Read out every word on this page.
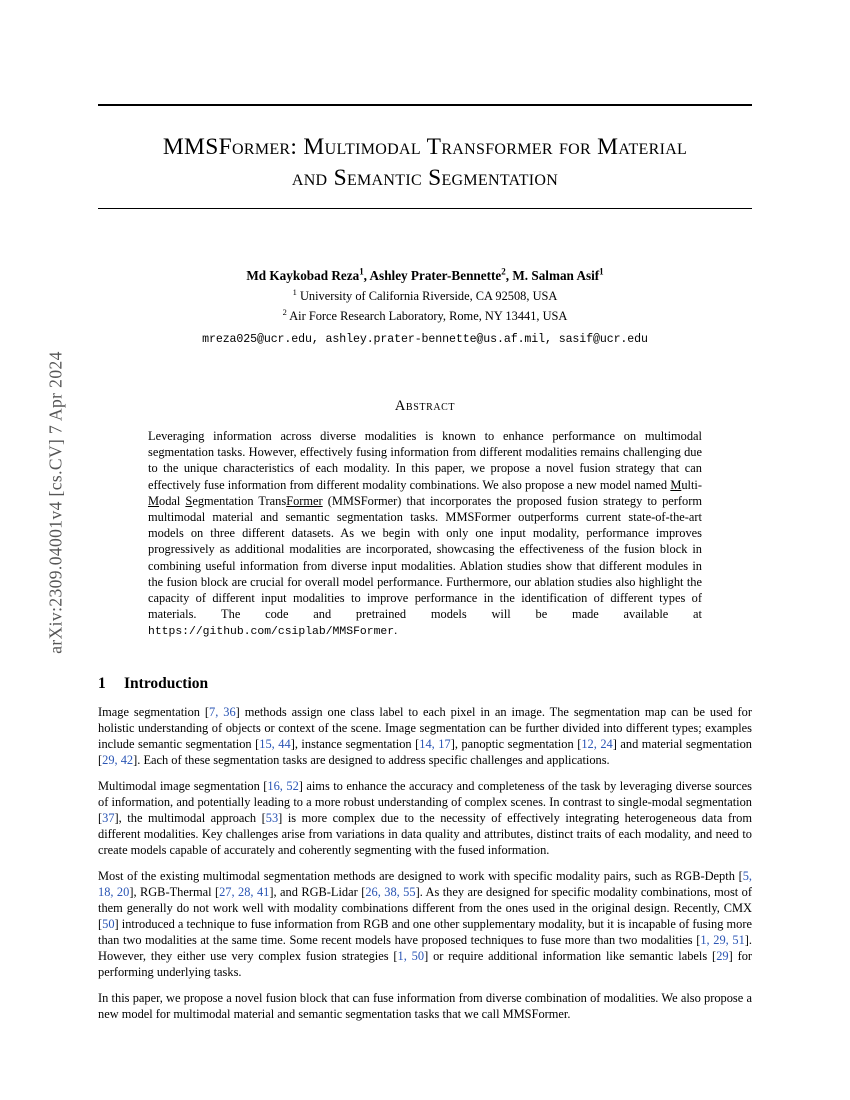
arXiv:2309.04001v4 [cs.CV] 7 Apr 2024
MMSFormer: Multimodal Transformer for Material
and Semantic Segmentation
Md Kaykobad Reza$^1$, Ashley Prater-Bennette$^2$, M. Salman Asif$^1$
$^1$ University of California Riverside, CA 92508, USA
$^2$ Air Force Research Laboratory, Rome, NY 13441, USA
mreza025@ucr.edu, ashley.prater-bennette@us.af.mil, sasif@ucr.edu
Abstract
Leveraging information across diverse modalities is known to enhance performance on multimodal segmentation tasks. However, effectively fusing information from different modalities remains challenging due to the unique characteristics of each modality. In this paper, we propose a novel fusion strategy that can effectively fuse information from different modality combinations. We also propose a new model named Multi-Modal Segmentation TransFormer (MMSFormer) that incorporates the proposed fusion strategy to perform multimodal material and semantic segmentation tasks. MMSFormer outperforms current state-of-the-art models on three different datasets. As we begin with only one input modality, performance improves progressively as additional modalities are incorporated, showcasing the effectiveness of the fusion block in combining useful information from diverse input modalities. Ablation studies show that different modules in the fusion block are crucial for overall model performance. Furthermore, our ablation studies also highlight the capacity of different input modalities to improve performance in the identification of different types of materials. The code and pretrained models will be made available at https://github.com/csiplab/MMSFormer.
1 Introduction

Image segmentation [7, 36] methods assign one class label to each pixel in an image. The segmentation map can be used for holistic understanding of objects or context of the scene. Image segmentation can be further divided into different types; examples include semantic segmentation [15, 44], instance segmentation [14, 17], panoptic segmentation [12, 24] and material segmentation [29, 42]. Each of these segmentation tasks are designed to address specific challenges and applications.

Multimodal image segmentation [16, 52] aims to enhance the accuracy and completeness of the task by leveraging diverse sources of information, and potentially leading to a more robust understanding of complex scenes. In contrast to single-modal segmentation [37], the multimodal approach [53] is more complex due to the necessity of effectively integrating heterogeneous data from different modalities. Key challenges arise from variations in data quality and attributes, distinct traits of each modality, and need to create models capable of accurately and coherently segmenting with the fused information.

Most of the existing multimodal segmentation methods are designed to work with specific modality pairs, such as RGB-Depth [5, 18, 20], RGB-Thermal [27, 28, 41], and RGB-Lidar [26, 38, 55]. As they are designed for specific modality combinations, most of them generally do not work well with modality combinations different from the ones used in the original design. Recently, CMX [50] introduced a technique to fuse information from RGB and one other supplementary modality, but it is incapable of fusing more than two modalities at the same time. Some recent models have proposed techniques to fuse more than two modalities [1, 29, 51]. However, they either use very complex fusion strategies [1, 50] or require additional information like semantic labels [29] for performing underlying tasks.

In this paper, we propose a novel fusion block that can fuse information from diverse combination of modalities. We also propose a new model for multimodal material and semantic segmentation tasks that we call MMSFormer.
